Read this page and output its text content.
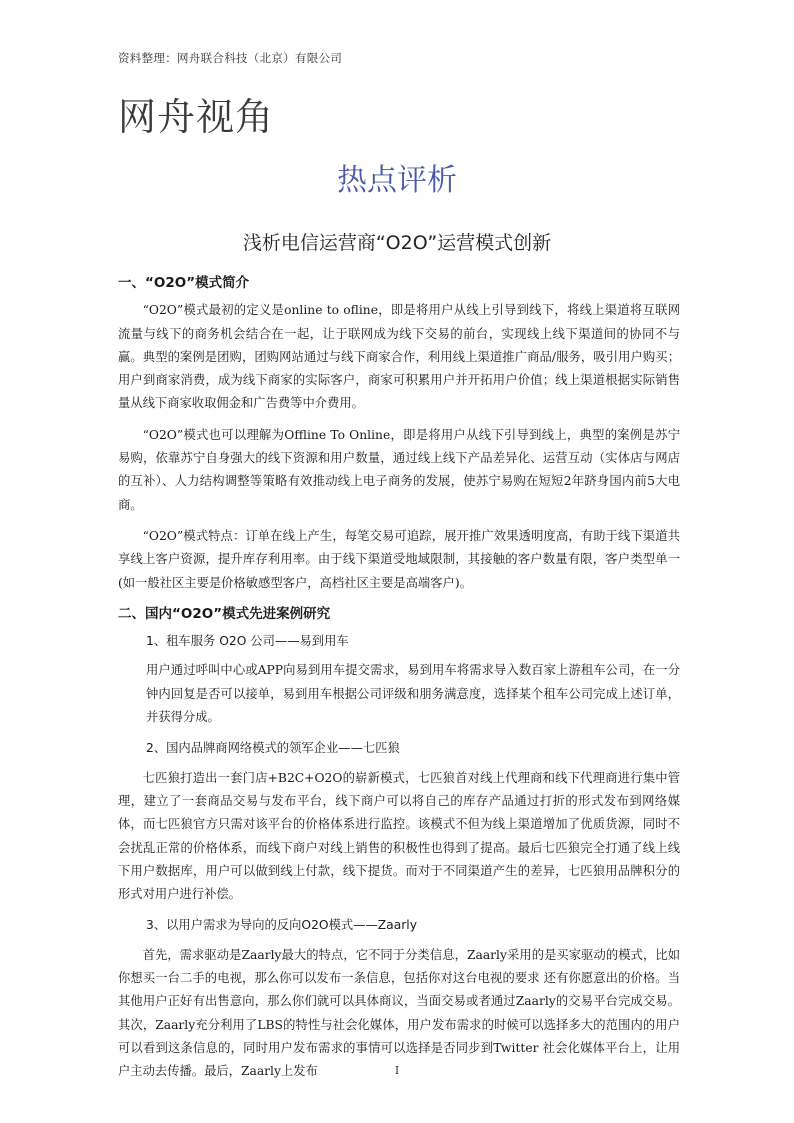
资料整理：网舟联合科技（北京）有限公司
网舟视角
热点评析
浅析电信运营商“O2O”运营模式创新
一、“O2O”模式简介

“O2O”模式最初的定义是online to ofline，即是将用户从线上引导到线下，将线上渠道将互联网流量与线下的商务机会结合在一起，让于联网成为线下交易的前台，实现线上线下渠道间的协同不与赢。典型的案例是团购，团购网站通过与线下商家合作，利用线上渠道推广商品/服务，吸引用户购买；用户到商家消费，成为线下商家的实际客户，商家可积累用户并开拓用户价值；线上渠道根据实际销售量从线下商家收取佣金和广告费等中介费用。

“O2O”模式也可以理解为Offline To Online，即是将用户从线下引导到线上，典型的案例是苏宁易购，依靠苏宁自身强大的线下资源和用户数量，通过线上线下产品差异化、运营互动（实体店与网店的互补）、人力结构调整等策略有效推动线上电子商务的发展，使苏宁易购在短短2年跻身国内前5大电商。

“O2O”模式特点：订单在线上产生，每笔交易可追踪，展开推广效果透明度高，有助于线下渠道共享线上客户资源，提升库存利用率。由于线下渠道受地域限制，其接触的客户数量有限，客户类型单一(如一般社区主要是价格敏感型客户，高档社区主要是高端客户)。

二、国内“O2O”模式先进案例研究
1、租车服务 O2O 公司——易到用车

用户通过呼叫中心或APP向易到用车提交需求，易到用车将需求导入数百家上游租车公司，在一分钟内回复是否可以接单，易到用车根据公司评级和朋务满意度，选择某个租车公司完成上述订单，并获得分成。

2、国内品牌商网络模式的领军企业——七匹狼

七匹狼打造出一套门店+B2C+O2O的崭新模式，七匹狼首对线上代理商和线下代理商进行集中管理，建立了一套商品交易与发布平台，线下商户可以将自己的库存产品通过打折的形式发布到网络媒体，而七匹狼官方只需对该平台的价格体系进行监控。该模式不但为线上渠道增加了优质货源，同时不会扰乱正常的价格体系，而线下商户对线上销售的积极性也得到了提高。最后七匹狼完全打通了线上线下用户数据库，用户可以做到线上付款，线下提货。而对于不同渠道产生的差异，七匹狼用品牌积分的形式对用户进行补偿。

3、以用户需求为导向的反向O2O模式——Zaarly

首先，需求驱动是Zaarly最大的特点，它不同于分类信息，Zaarly采用的是买家驱动的模式，比如你想买一台二手的电视，那么你可以发布一条信息，包括你对这台电视的要求 还有你愿意出的价格。当其他用户正好有出售意向，那么你们就可以具体商议，当面交易或者通过Zaarly的交易平台完成交易。其次，Zaarly充分利用了LBS的特性与社会化媒体，用户发布需求的时候可以选择多大的范围内的用户可以看到这条信息的，同时用户发布需求的事情可以选择是否同步到Twitter 社会化媒体平台上，让用户主动去传播。最后，Zaarly上发布	I
